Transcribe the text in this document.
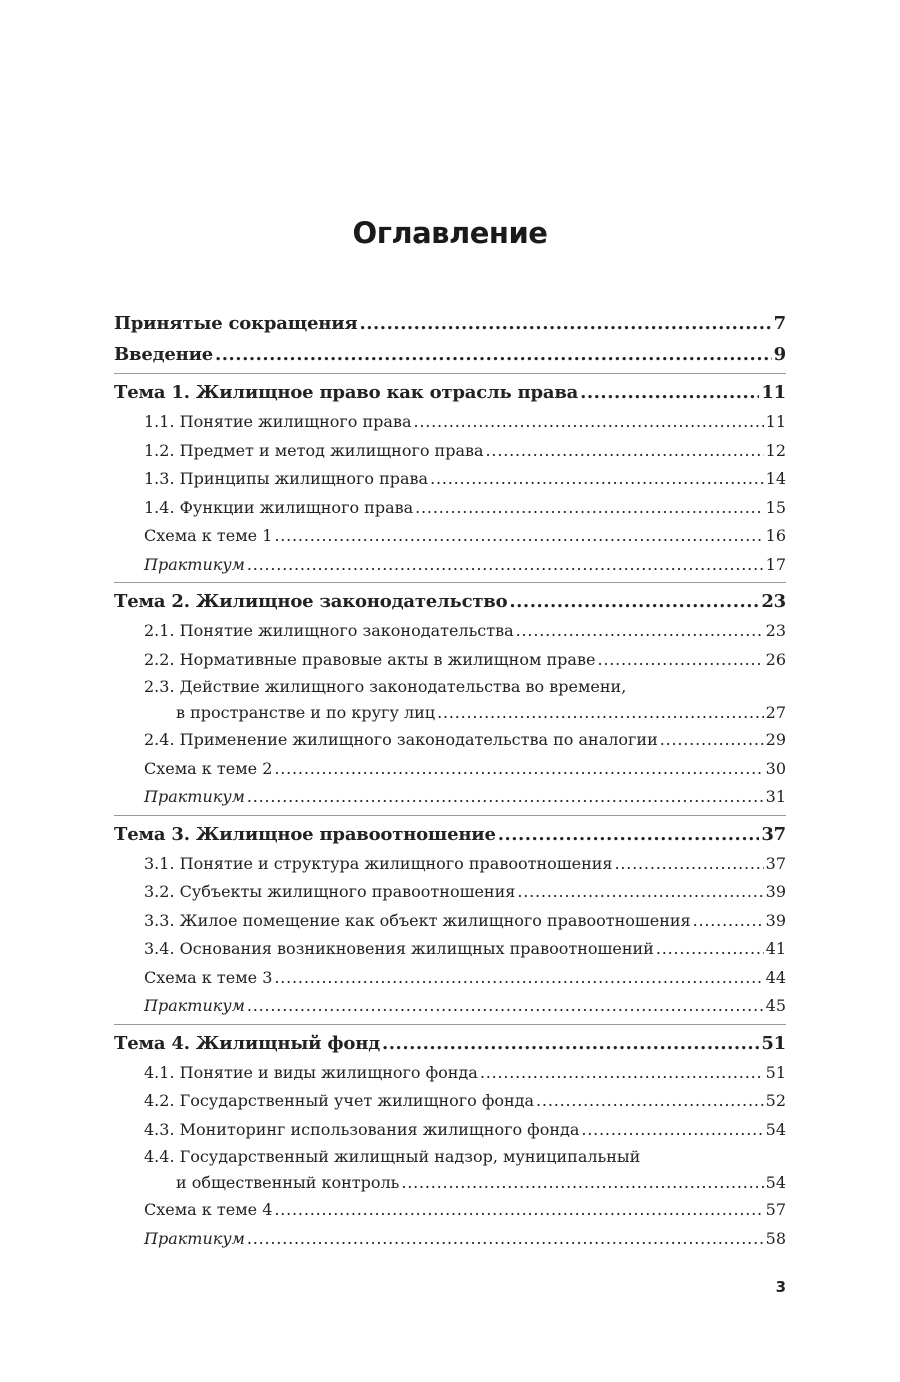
Оглавление
Принятые сокращения .....	7
Введение .....	9
Тема 1. Жилищное право как отрасль права .....	11
1.1. Понятие жилищного права .....	11
1.2. Предмет и метод жилищного права .....	12
1.3. Принципы жилищного права .....	14
1.4. Функции жилищного права .....	15
Схема к теме 1 .....	16
Практикум .....	17
Тема 2. Жилищное законодательство .....	23
2.1. Понятие жилищного законодательства .....	23
2.2. Нормативные правовые акты в жилищном праве .....	26
2.3. Действие жилищного законодательства во времени,
в пространстве и по кругу лиц .....	27
2.4. Применение жилищного законодательства по аналогии .....	29
Схема к теме 2 .....	30
Практикум .....	31
Тема 3. Жилищное правоотношение .....	37
3.1. Понятие и структура жилищного правоотношения .....	37
3.2. Субъекты жилищного правоотношения .....	39
3.3. Жилое помещение как объект жилищного правоотношения .....	39
3.4. Основания возникновения жилищных правоотношений .....	41
Схема к теме 3 .....	44
Практикум .....	45
Тема 4. Жилищный фонд .....	51
4.1. Понятие и виды жилищного фонда .....	51
4.2. Государственный учет жилищного фонда .....	52
4.3. Мониторинг использования жилищного фонда .....	54
4.4. Государственный жилищный надзор, муниципальный
и общественный контроль .....	54
Схема к теме 4 .....	57
Практикум .....	58
3
